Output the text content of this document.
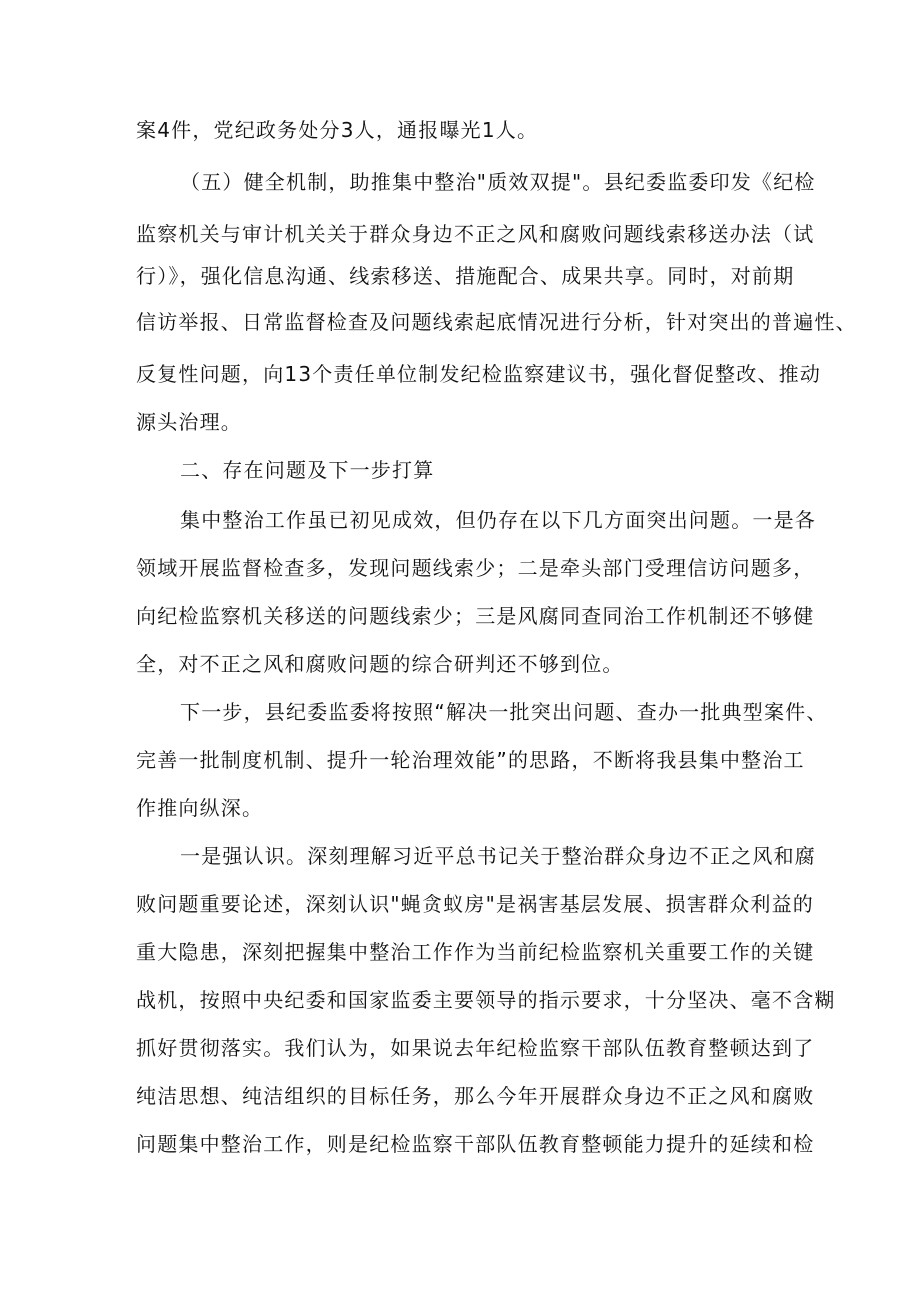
案4件，党纪政务处分3人，通报曝光1人。
（五）健全机制，助推集中整治"质效双提"。县纪委监委印发《纪检
监察机关与审计机关关于群众身边不正之风和腐败问题线索移送办法（试
行）》，强化信息沟通、线索移送、措施配合、成果共享。同时，对前期
信访举报、日常监督检查及问题线索起底情况进行分析，针对突出的普遍性、
反复性问题，向13个责任单位制发纪检监察建议书，强化督促整改、推动
源头治理。
二、存在问题及下一步打算
集中整治工作虽已初见成效，但仍存在以下几方面突出问题。一是各
领域开展监督检查多，发现问题线索少；二是牵头部门受理信访问题多，
向纪检监察机关移送的问题线索少；三是风腐同查同治工作机制还不够健
全，对不正之风和腐败问题的综合研判还不够到位。
下一步，县纪委监委将按照“解决一批突出问题、查办一批典型案件、
完善一批制度机制、提升一轮治理效能”的思路，不断将我县集中整治工
作推向纵深。
一是强认识。深刻理解习近平总书记关于整治群众身边不正之风和腐
败问题重要论述，深刻认识"蝇贪蚁房"是祸害基层发展、损害群众利益的
重大隐患，深刻把握集中整治工作作为当前纪检监察机关重要工作的关键
战机，按照中央纪委和国家监委主要领导的指示要求，十分坚决、毫不含糊
抓好贯彻落实。我们认为，如果说去年纪检监察干部队伍教育整顿达到了
纯洁思想、纯洁组织的目标任务，那么今年开展群众身边不正之风和腐败
问题集中整治工作，则是纪检监察干部队伍教育整顿能力提升的延续和检
